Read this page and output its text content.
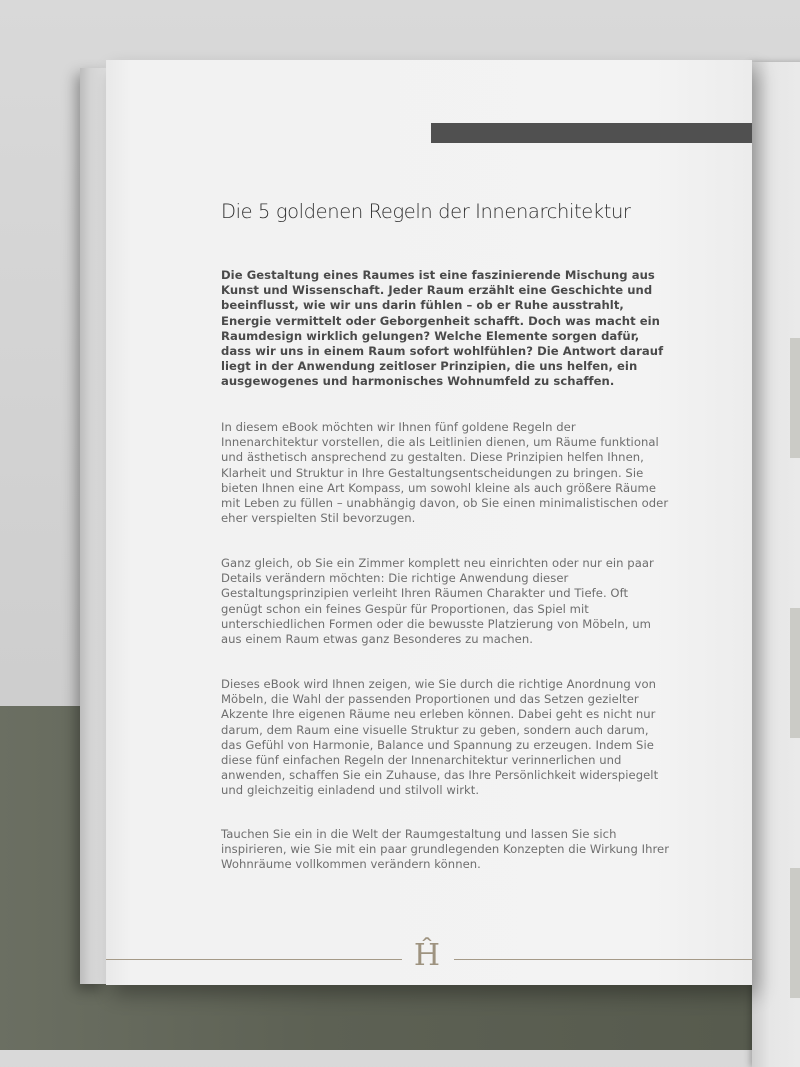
Die 5 goldenen Regeln der Innenarchitektur

Die Gestaltung eines Raumes ist eine faszinierende Mischung aus Kunst und Wissenschaft. Jeder Raum erzählt eine Geschichte und beeinflusst, wie wir uns darin fühlen – ob er Ruhe ausstrahlt, Energie vermittelt oder Geborgenheit schafft. Doch was macht ein Raumdesign wirklich gelungen? Welche Elemente sorgen dafür, dass wir uns in einem Raum sofort wohlfühlen? Die Antwort darauf liegt in der Anwendung zeitloser Prinzipien, die uns helfen, ein ausgewogenes und harmonisches Wohnumfeld zu schaffen.

In diesem eBook möchten wir Ihnen fünf goldene Regeln der Innenarchitektur vorstellen, die als Leitlinien dienen, um Räume funktional und ästhetisch ansprechend zu gestalten. Diese Prinzipien helfen Ihnen, Klarheit und Struktur in Ihre Gestaltungsentscheidungen zu bringen. Sie bieten Ihnen eine Art Kompass, um sowohl kleine als auch größere Räume mit Leben zu füllen – unabhängig davon, ob Sie einen minimalistischen oder eher verspielten Stil bevorzugen.

Ganz gleich, ob Sie ein Zimmer komplett neu einrichten oder nur ein paar Details verändern möchten: Die richtige Anwendung dieser Gestaltungsprinzipien verleiht Ihren Räumen Charakter und Tiefe. Oft genügt schon ein feines Gespür für Proportionen, das Spiel mit unterschiedlichen Formen oder die bewusste Platzierung von Möbeln, um aus einem Raum etwas ganz Besonderes zu machen.

Dieses eBook wird Ihnen zeigen, wie Sie durch die richtige Anordnung von Möbeln, die Wahl der passenden Proportionen und das Setzen gezielter Akzente Ihre eigenen Räume neu erleben können. Dabei geht es nicht nur darum, dem Raum eine visuelle Struktur zu geben, sondern auch darum, das Gefühl von Harmonie, Balance und Spannung zu erzeugen. Indem Sie diese fünf einfachen Regeln der Innenarchitektur verinnerlichen und anwenden, schaffen Sie ein Zuhause, das Ihre Persönlichkeit widerspiegelt und gleichzeitig einladend und stilvoll wirkt.

Tauchen Sie ein in die Welt der Raumgestaltung und lassen Sie sich inspirieren, wie Sie mit ein paar grundlegenden Konzepten die Wirkung Ihrer Wohnräume vollkommen verändern können.

Ĥ
